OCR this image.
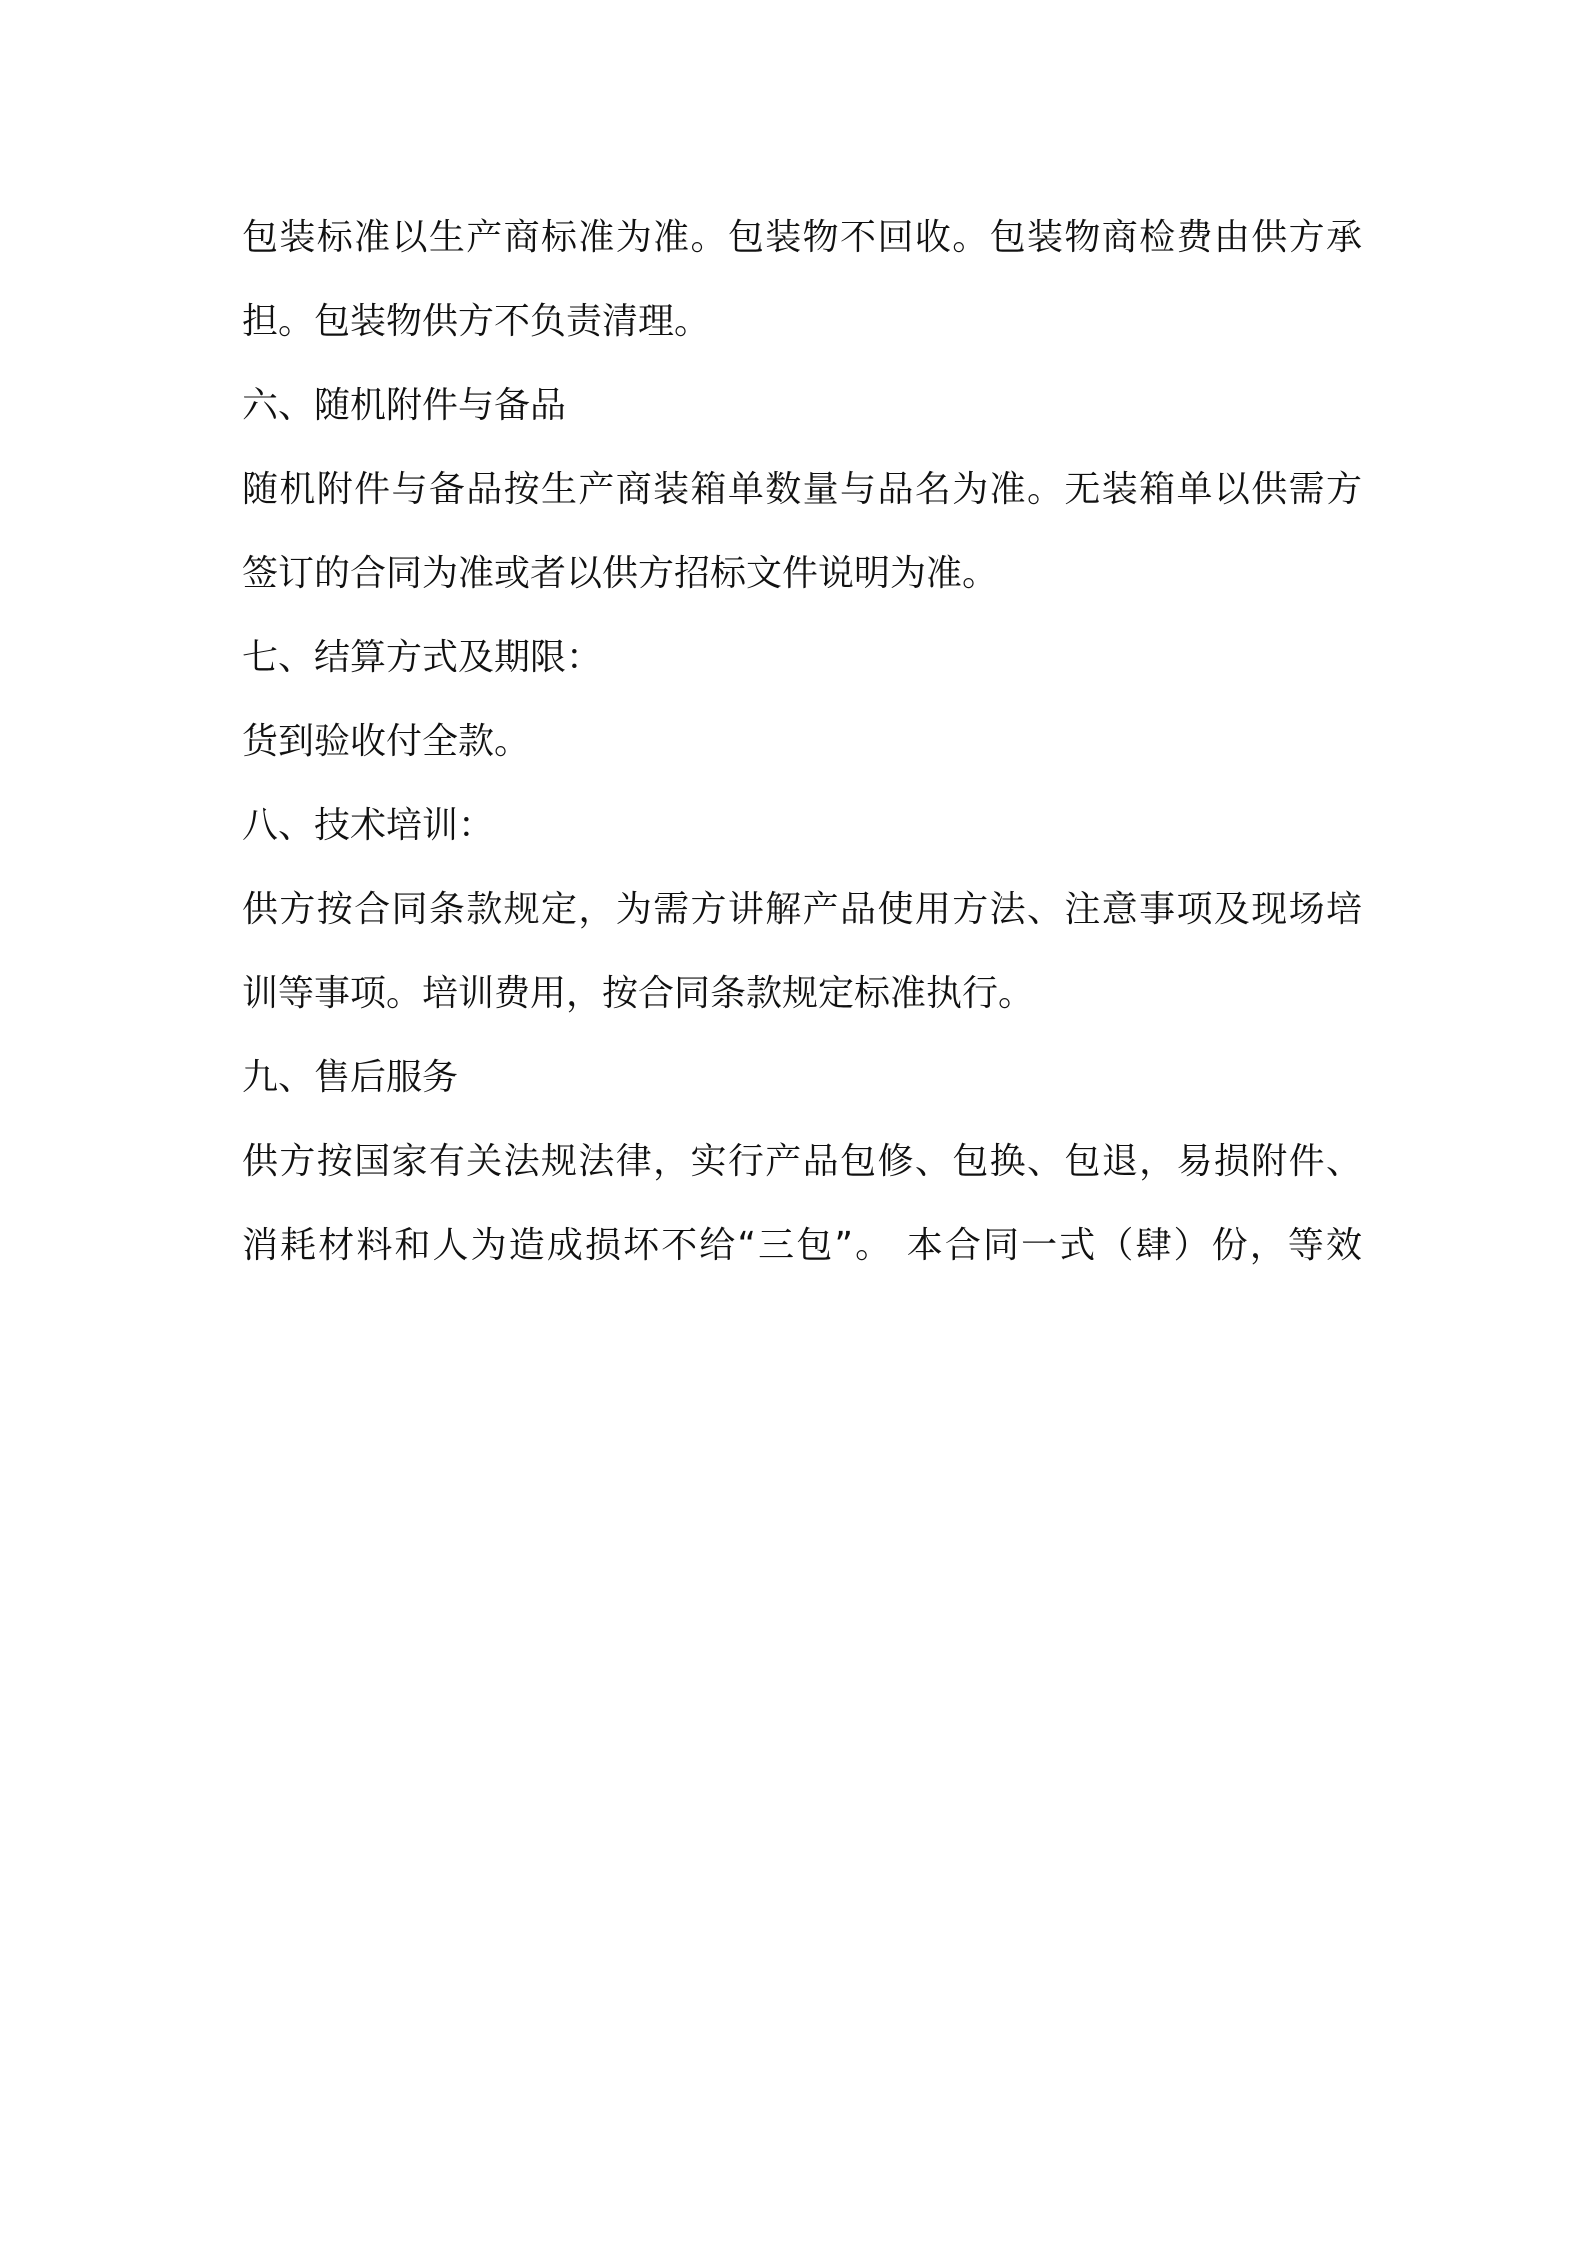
包装标准以生产商标准为准。包装物不回收。包装物商检费由供方承
担。包装物供方不负责清理。
六、随机附件与备品
随机附件与备品按生产商装箱单数量与品名为准。无装箱单以供需方
签订的合同为准或者以供方招标文件说明为准。
七、结算方式及期限：
货到验收付全款。
八、技术培训：
供方按合同条款规定，为需方讲解产品使用方法、注意事项及现场培
训等事项。培训费用，按合同条款规定标准执行。
九、售后服务
供方按国家有关法规法律，实行产品包修、包换、包退，易损附件、
消耗材料和人为造成损坏不给“三包”。 本合同一式（肆）份，等效
